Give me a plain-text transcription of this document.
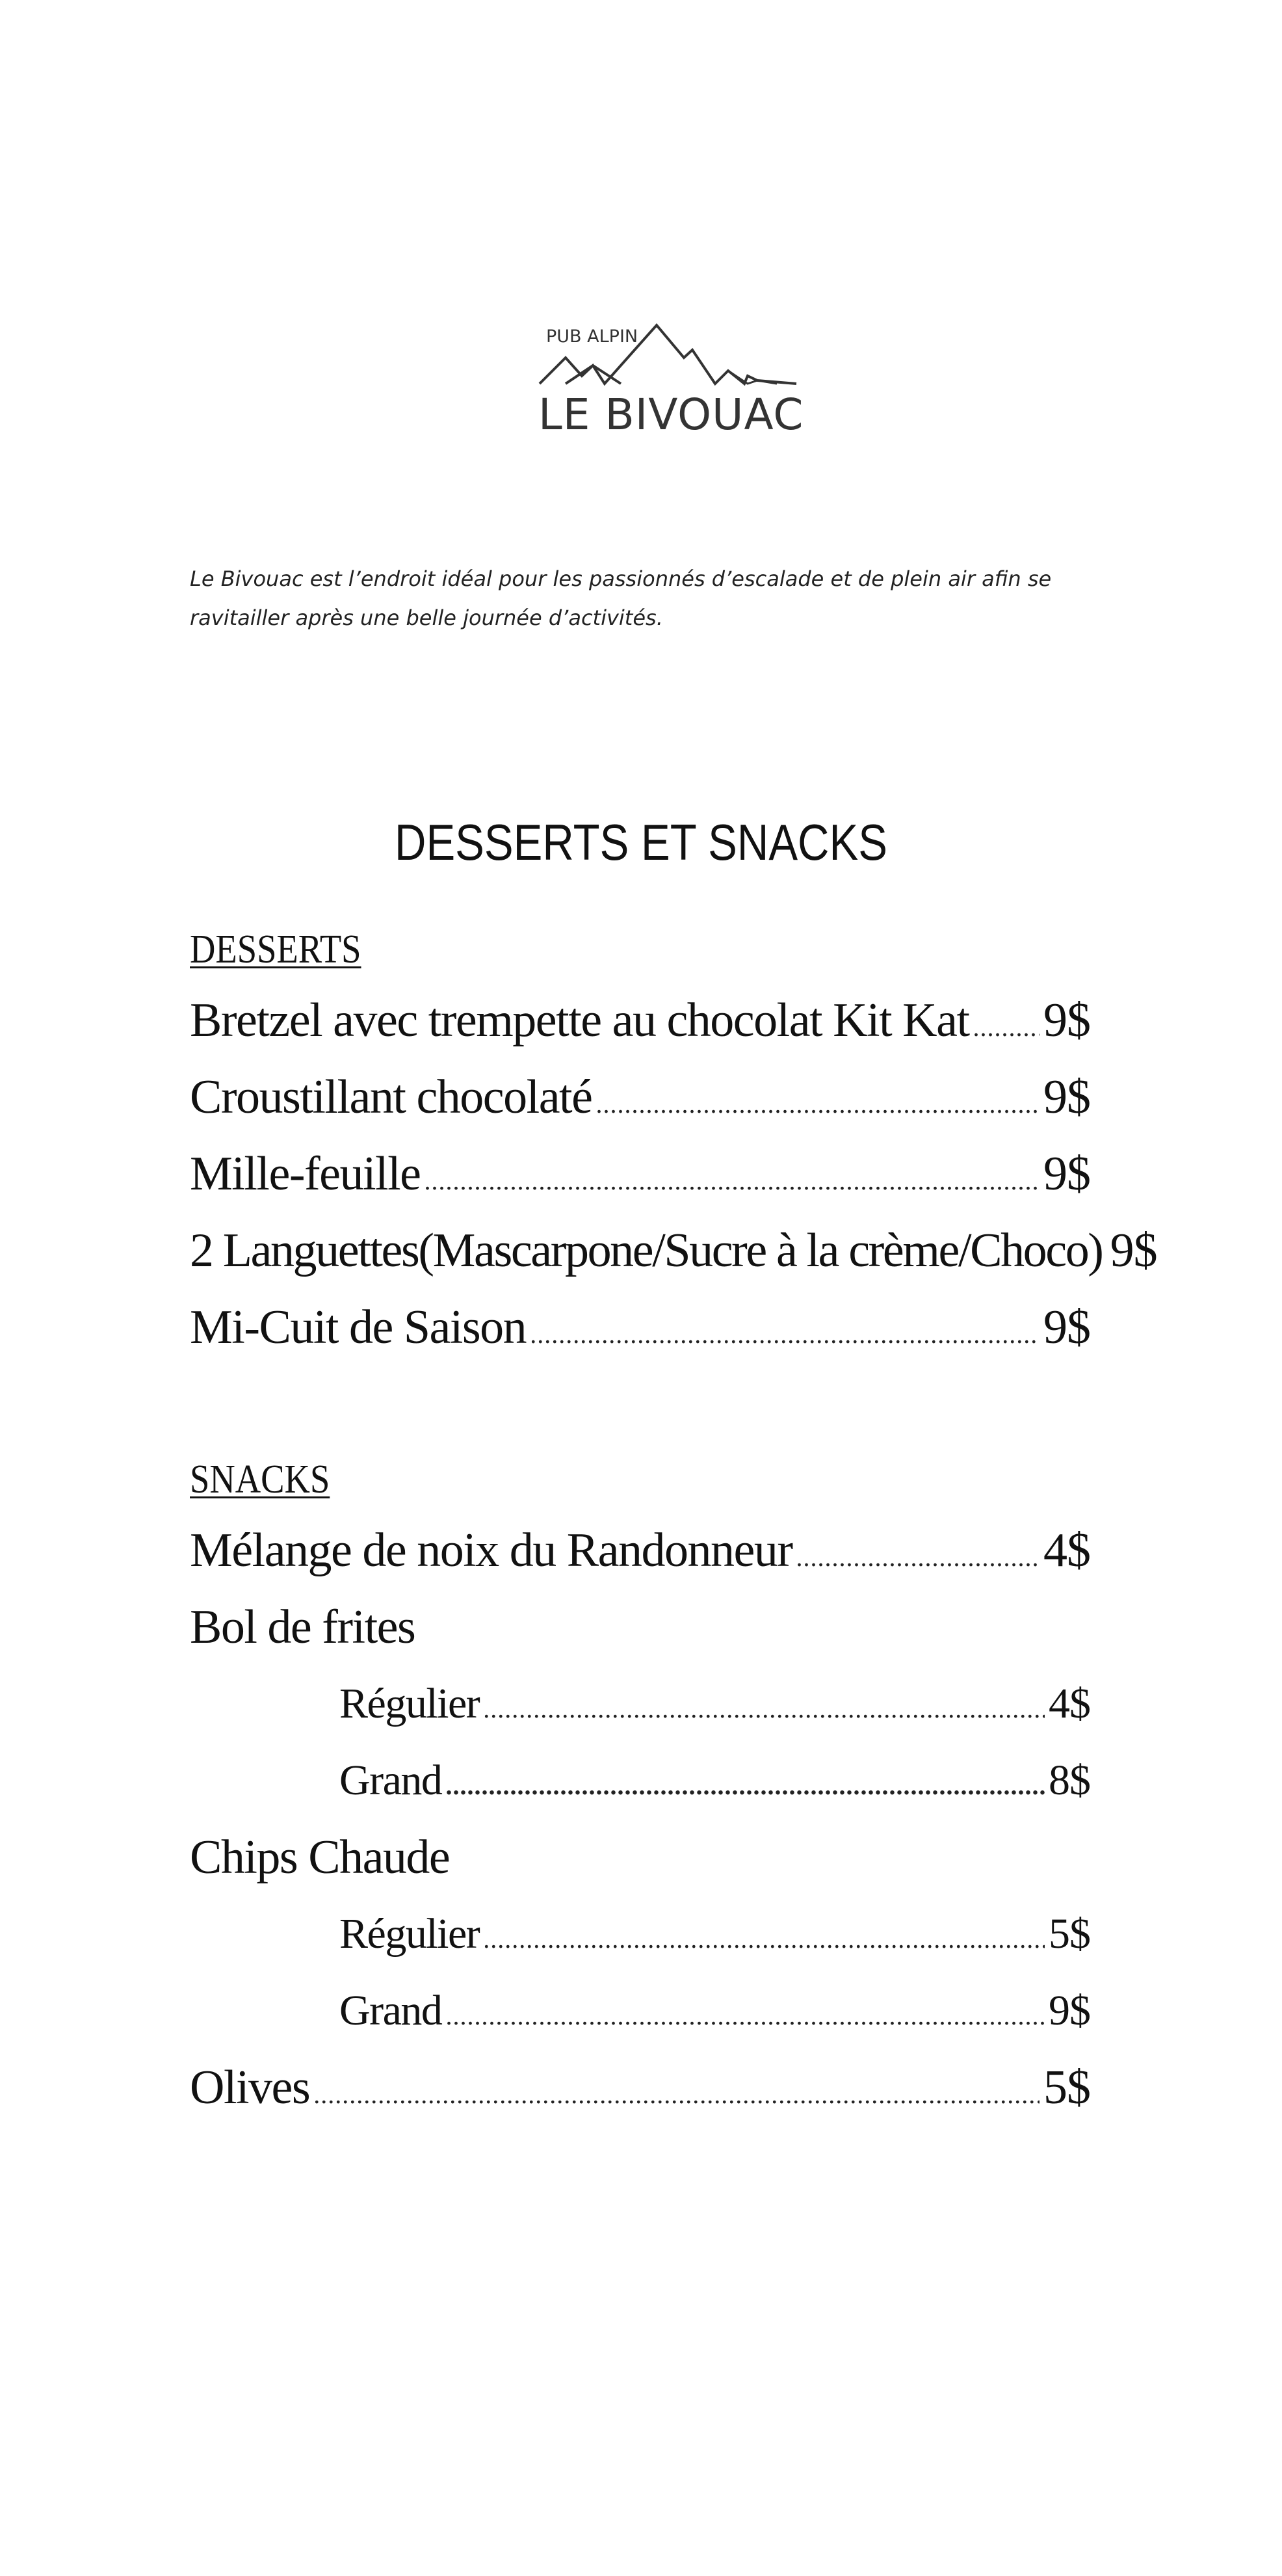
PUB ALPIN
LE BIVOUAC
Le Bivouac est l’endroit idéal pour les passionnés d’escalade et de plein air afin se ravitailler après une belle journée d’activités.
DESSERTS ET SNACKS
DESSERTS
Bretzel avec trempette au chocolat Kit Kat ..... 9$
Croustillant chocolaté .....	9$
Mille-feuille .....	9$
2 Languettes(Mascarpone/Sucre à la crème/Choco) 9$
Mi-Cuit de Saison .....	9$
SNACKS
Mélange de noix du Randonneur .....	4$
Bol de frites
Régulier .....	4$
Grand .....	8$
Chips Chaude
Régulier .....	5$
Grand .....	9$
Olives .....	5$
